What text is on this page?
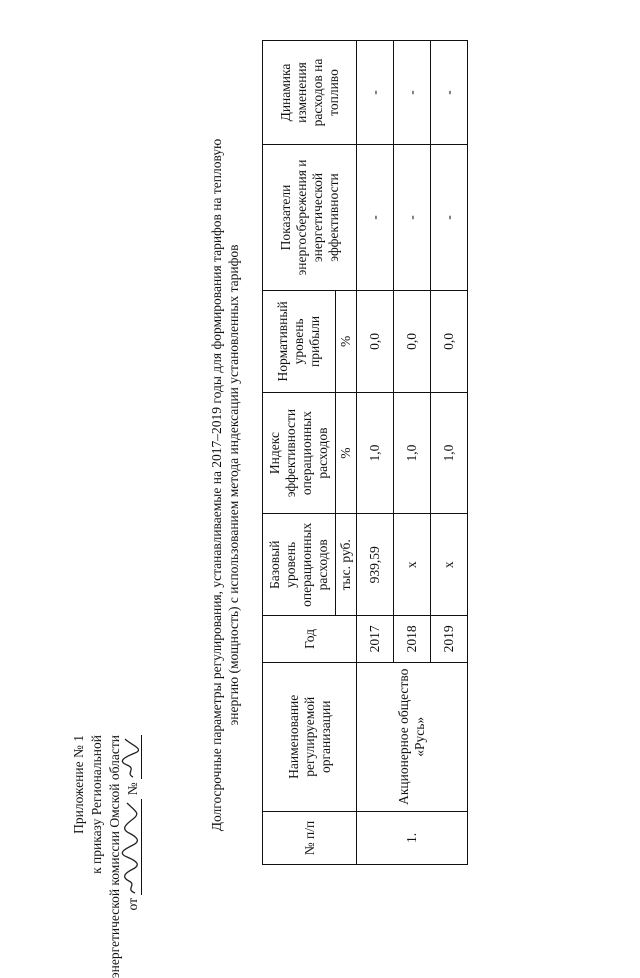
Приложение № 1 к приказу Региональной энергетической комиссии Омской области от
№	Долгосрочные параметры регулирования, устанавливаемые на 2017–2019 годы для формирования тарифов на тепловую энергию (мощность) с использованием метода индексации установленных тарифов
№ п/п	Наименование регулируемой организации	Год	Базовый уровень операционных расходов	Индекс эффективности операционных расходов	Нормативный уровень прибыли	Показатели энергосбережения и энергетической эффективности	Динамика изменения расходов на топливо
			тыс. руб.	%	%		
1.	Акционерное общество «Русь»	2017	939,59	1,0	0,0	-	-
		2018	х	1,0	0,0	-	-
		2019	х	1,0	0,0	-	-
